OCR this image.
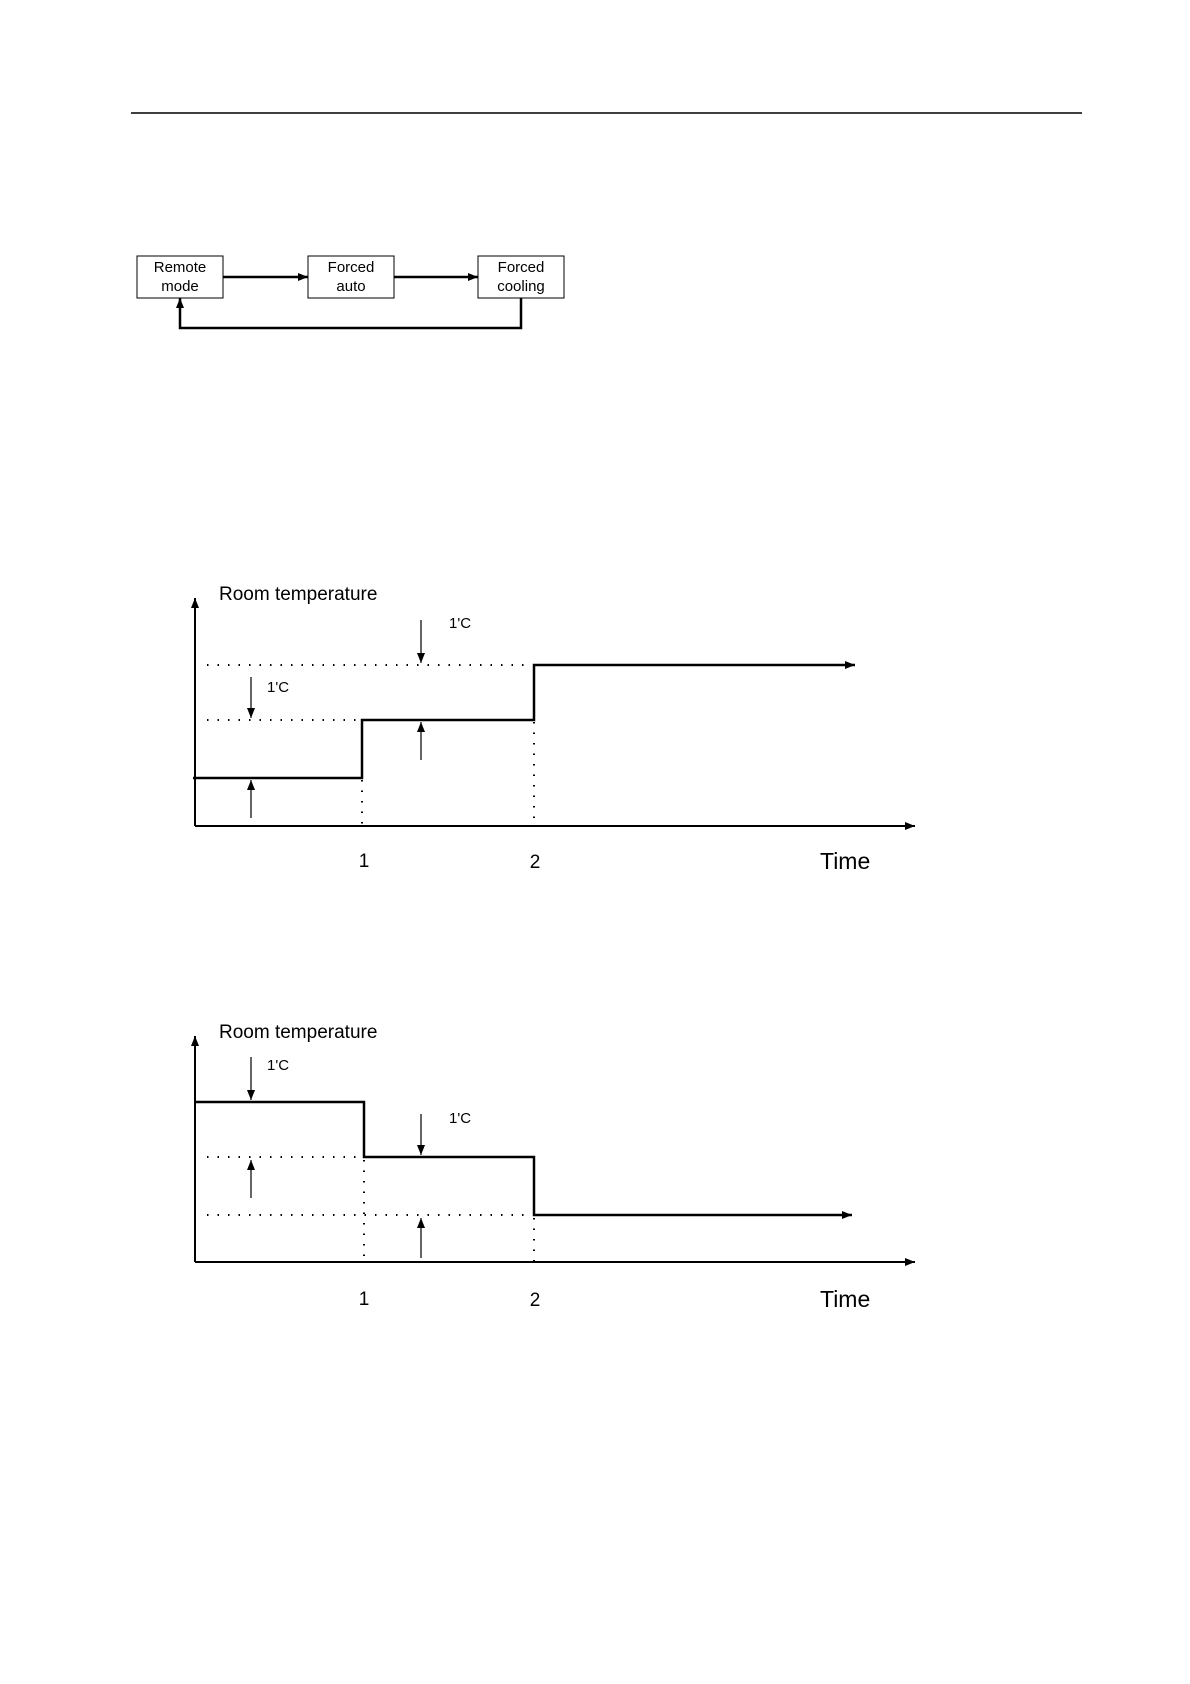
Remote
mode
Forced
auto
Forced
cooling
Room temperature
1'C
1'C
1	2	Time
Room temperature
1'C
1'C
1	2	Time
